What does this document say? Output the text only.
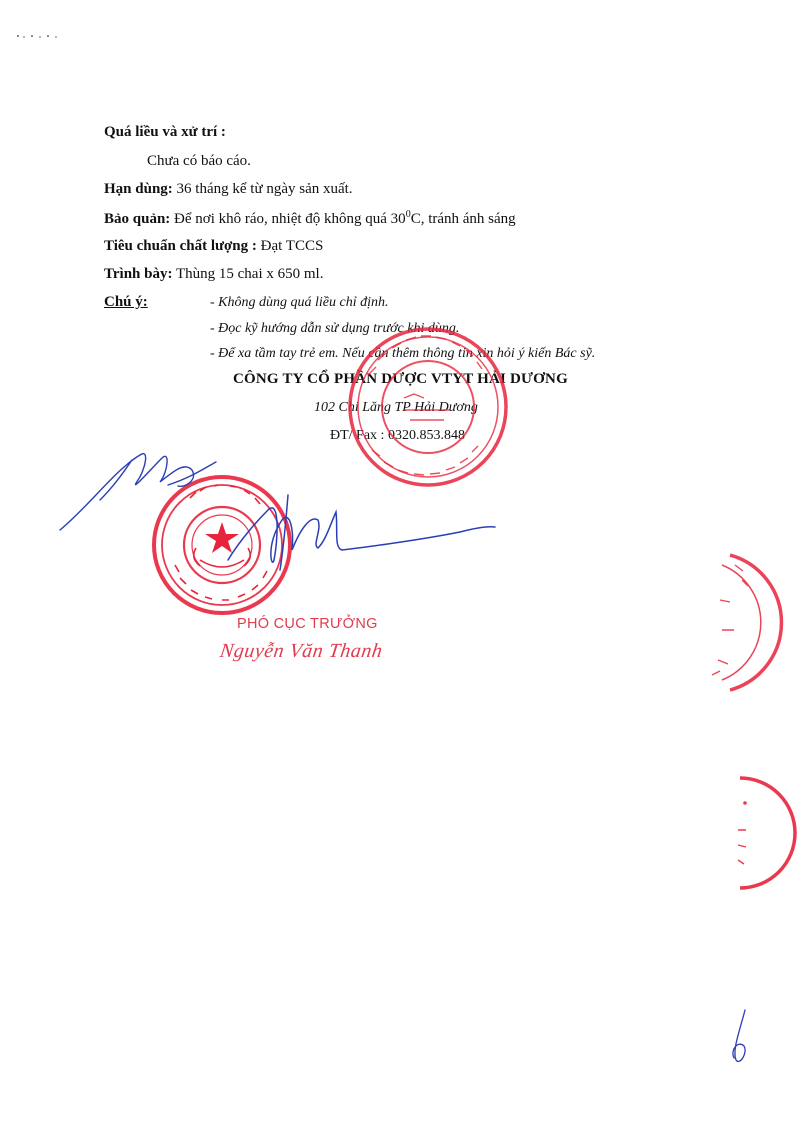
Quá liều và xử trí :
Chưa có báo cáo.
Hạn dùng: 36 tháng kể từ ngày sản xuất.
Bảo quản: Để nơi khô ráo, nhiệt độ không quá $30^0C$, tránh ánh sáng
Tiêu chuẩn chất lượng : Đạt TCCS
Trình bày: Thùng 15 chai x 650 ml.
Chú ý:	- Không dùng quá liều chỉ định.
- Đọc kỹ hướng dẫn sử dụng trước khi dùng.
- Để xa tầm tay trẻ em. Nếu cần thêm thông tin xin hỏi ý kiến Bác sỹ.
CÔNG TY CỔ PHẦN DƯỢC VTYT HẢI DƯƠNG
102 Chi Lăng TP Hải Dương
ĐT/ Fax : 0320.853.848
PHÓ CỤC TRƯỞNG
Nguyễn Văn Thanh
